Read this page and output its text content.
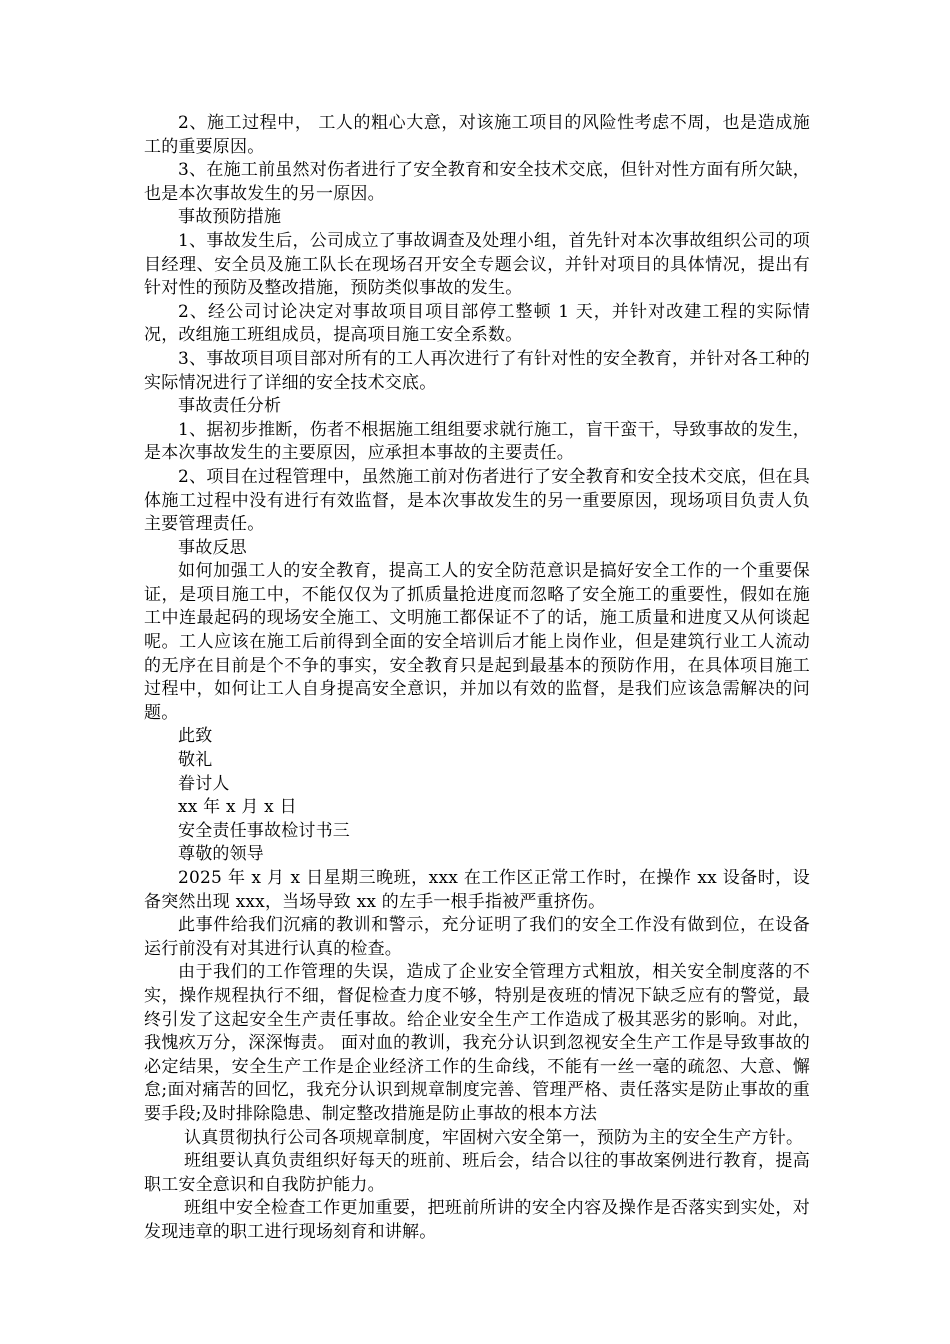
2、施工过程中， 工人的粗心大意，对该施工项目的风险性考虑不周，也是造成施工的重要原因。

3、在施工前虽然对伤者进行了安全教育和安全技术交底，但针对性方面有所欠缺，也是本次事故发生的另一原因。

事故预防措施

1、事故发生后，公司成立了事故调查及处理小组，首先针对本次事故组织公司的项目经理、安全员及施工队长在现场召开安全专题会议，并针对项目的具体情况，提出有针对性的预防及整改措施，预防类似事故的发生。

2、经公司讨论决定对事故项目项目部停工整顿 1 天，并针对改建工程的实际情况，改组施工班组成员，提高项目施工安全系数。

3、事故项目项目部对所有的工人再次进行了有针对性的安全教育，并针对各工种的实际情况进行了详细的安全技术交底。

事故责任分析

1、据初步推断，伤者不根据施工组组要求就行施工，盲干蛮干，导致事故的发生，是本次事故发生的主要原因，应承担本事故的主要责任。

2、项目在过程管理中，虽然施工前对伤者进行了安全教育和安全技术交底，但在具体施工过程中没有进行有效监督，是本次事故发生的另一重要原因，现场项目负责人负主要管理责任。

事故反思

如何加强工人的安全教育，提高工人的安全防范意识是搞好安全工作的一个重要保证，是项目施工中，不能仅仅为了抓质量抢进度而忽略了安全施工的重要性，假如在施工中连最起码的现场安全施工、文明施工都保证不了的话，施工质量和进度又从何谈起呢。工人应该在施工后前得到全面的安全培训后才能上岗作业，但是建筑行业工人流动的无序在目前是个不争的事实，安全教育只是起到最基本的预防作用，在具体项目施工过程中，如何让工人自身提高安全意识，并加以有效的监督，是我们应该急需解决的问题。

此致

敬礼

眷讨人

xx 年 x 月 x 日

安全责任事故检讨书三

尊敬的领导

2025 年 x 月 x 日星期三晚班，xxx 在工作区正常工作时，在操作 xx 设备时，设备突然出现 xxx，当场导致 xx 的左手一根手指被严重挤伤。

此事件给我们沉痛的教训和警示，充分证明了我们的安全工作没有做到位，在设备运行前没有对其进行认真的检查。

由于我们的工作管理的失误，造成了企业安全管理方式粗放，相关安全制度落的不实，操作规程执行不细，督促检查力度不够，特别是夜班的情况下缺乏应有的警觉，最终引发了这起安全生产责任事故。给企业安全生产工作造成了极其恶劣的影响。对此，我愧疚万分，深深悔责。 面对血的教训，我充分认识到忽视安全生产工作是导致事故的必定结果，安全生产工作是企业经济工作的生命线，不能有一丝一毫的疏忽、大意、懈怠;面对痛苦的回忆，我充分认识到规章制度完善、管理严格、责任落实是防止事故的重要手段;及时排除隐患、制定整改措施是防止事故的根本方法

认真贯彻执行公司各项规章制度，牢固树六安全第一，预防为主的安全生产方针。

班组要认真负责组织好每天的班前、班后会，结合以往的事故案例进行教育，提高职工安全意识和自我防护能力。

班组中安全检查工作更加重要，把班前所讲的安全内容及操作是否落实到实处，对发现违章的职工进行现场刻育和讲解。
